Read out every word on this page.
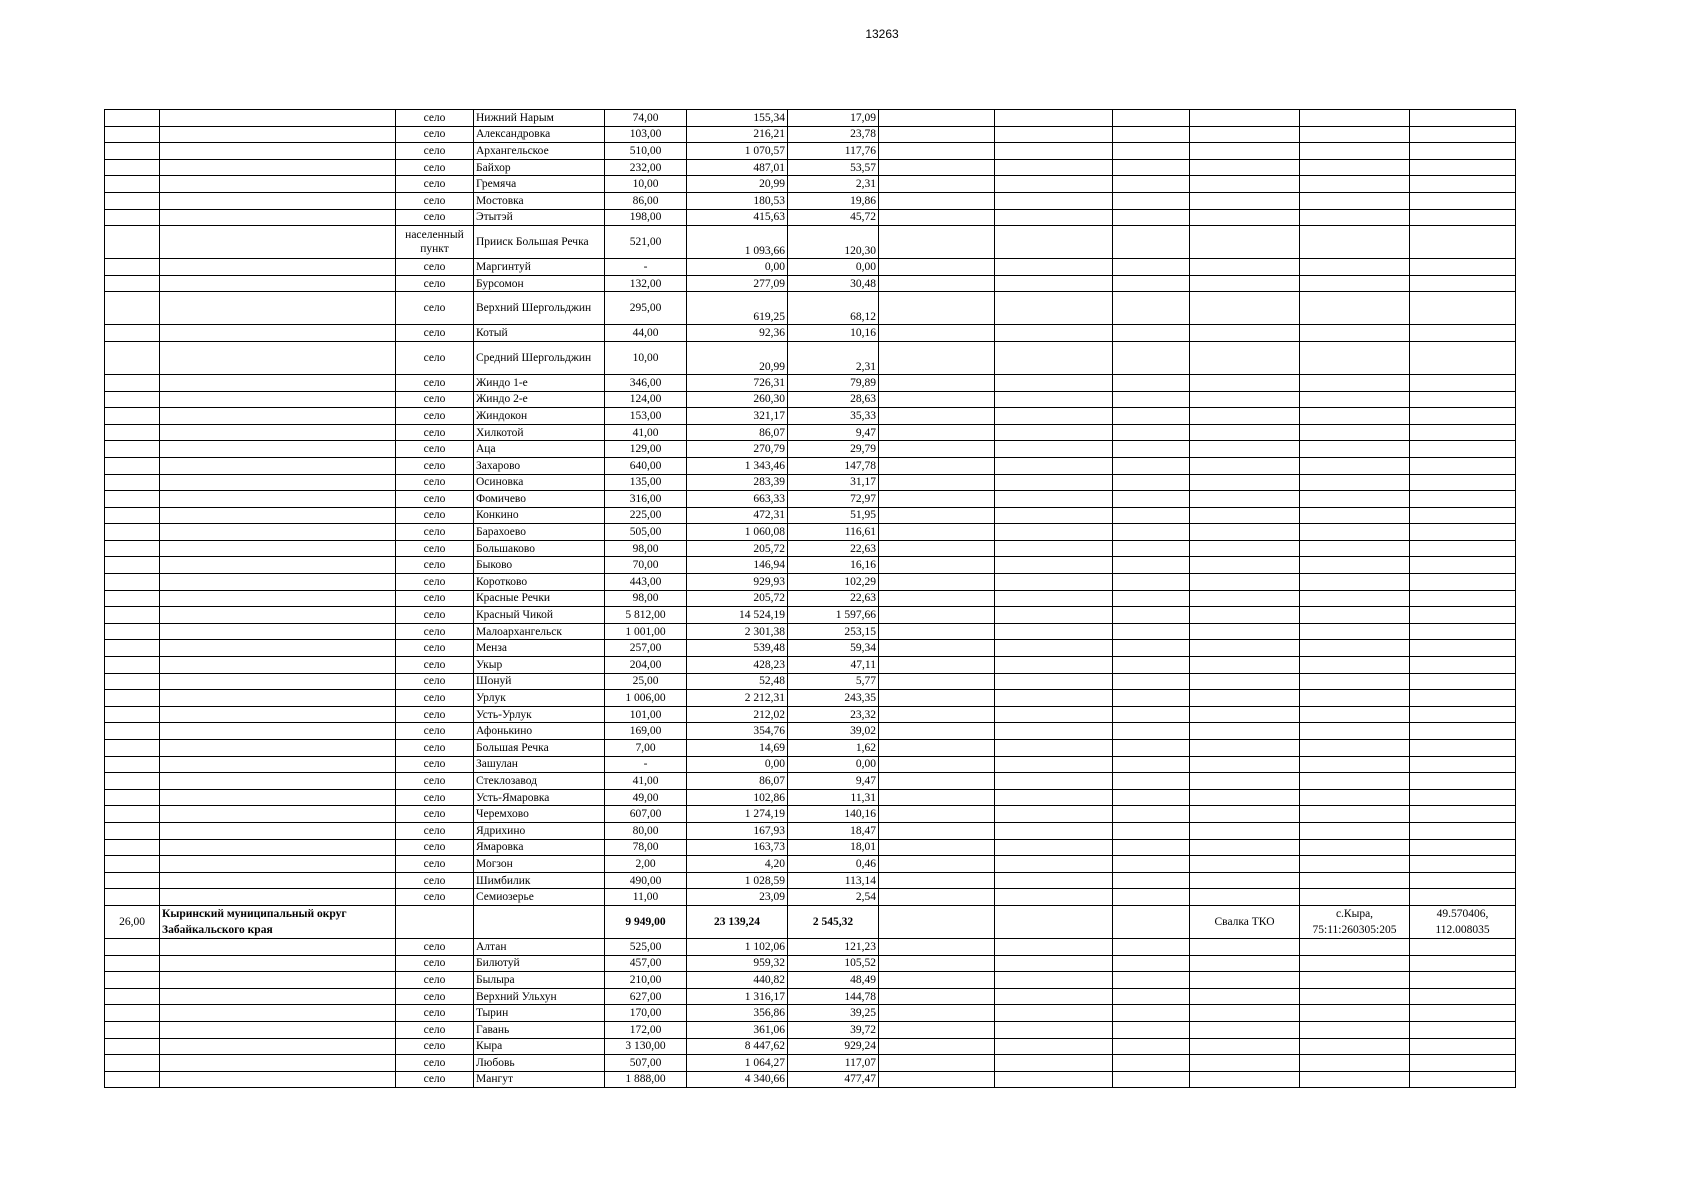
13263
		село	Нижний Нарым	74,00	155,34	17,09						
		село	Александровка	103,00	216,21	23,78						
		село	Архангельское	510,00	1 070,57	117,76						
		село	Байхор	232,00	487,01	53,57						
		село	Гремяча	10,00	20,99	2,31						
		село	Мостовка	86,00	180,53	19,86						
		село	Этытэй	198,00	415,63	45,72						
		населенный пункт	Прииск Большая Речка	521,00	1 093,66	120,30						
		село	Маргинтуй	-	0,00	0,00						
		село	Бурсомон	132,00	277,09	30,48						
		село	Верхний Шергольджин	295,00	619,25	68,12						
		село	Котый	44,00	92,36	10,16						
		село	Средний Шергольджин	10,00	20,99	2,31						
		село	Жиндо 1-е	346,00	726,31	79,89						
		село	Жиндо 2-е	124,00	260,30	28,63						
		село	Жиндокон	153,00	321,17	35,33						
		село	Хилкотой	41,00	86,07	9,47						
		село	Аца	129,00	270,79	29,79						
		село	Захарово	640,00	1 343,46	147,78						
		село	Осиновка	135,00	283,39	31,17						
		село	Фомичево	316,00	663,33	72,97						
		село	Конкино	225,00	472,31	51,95						
		село	Барахоево	505,00	1 060,08	116,61						
		село	Большаково	98,00	205,72	22,63						
		село	Быково	70,00	146,94	16,16						
		село	Коротково	443,00	929,93	102,29						
		село	Красные Речки	98,00	205,72	22,63						
		село	Красный Чикой	5 812,00	14 524,19	1 597,66						
		село	Малоархангельск	1 001,00	2 301,38	253,15						
		село	Менза	257,00	539,48	59,34						
		село	Укыр	204,00	428,23	47,11						
		село	Шонуй	25,00	52,48	5,77						
		село	Урлук	1 006,00	2 212,31	243,35						
		село	Усть-Урлук	101,00	212,02	23,32						
		село	Афонькино	169,00	354,76	39,02						
		село	Большая Речка	7,00	14,69	1,62						
		село	Зашулан	-	0,00	0,00						
		село	Стеклозавод	41,00	86,07	9,47						
		село	Усть-Ямаровка	49,00	102,86	11,31						
		село	Черемхово	607,00	1 274,19	140,16						
		село	Ядрихино	80,00	167,93	18,47						
		село	Ямаровка	78,00	163,73	18,01						
		село	Могзон	2,00	4,20	0,46						
		село	Шимбилик	490,00	1 028,59	113,14						
		село	Семиозерье	11,00	23,09	2,54						
26,00	Кыринский муниципальный округ Забайкальского края			9 949,00	23 139,24	2 545,32				Свалка ТКО	с.Кыра, 75:11:260305:205	49.570406, 112.008035
		село	Алтан	525,00	1 102,06	121,23						
		село	Билютуй	457,00	959,32	105,52						
		село	Былыра	210,00	440,82	48,49						
		село	Верхний Ульхун	627,00	1 316,17	144,78						
		село	Тырин	170,00	356,86	39,25						
		село	Гавань	172,00	361,06	39,72						
		село	Кыра	3 130,00	8 447,62	929,24						
		село	Любовь	507,00	1 064,27	117,07						
		село	Мангут	1 888,00	4 340,66	477,47						
